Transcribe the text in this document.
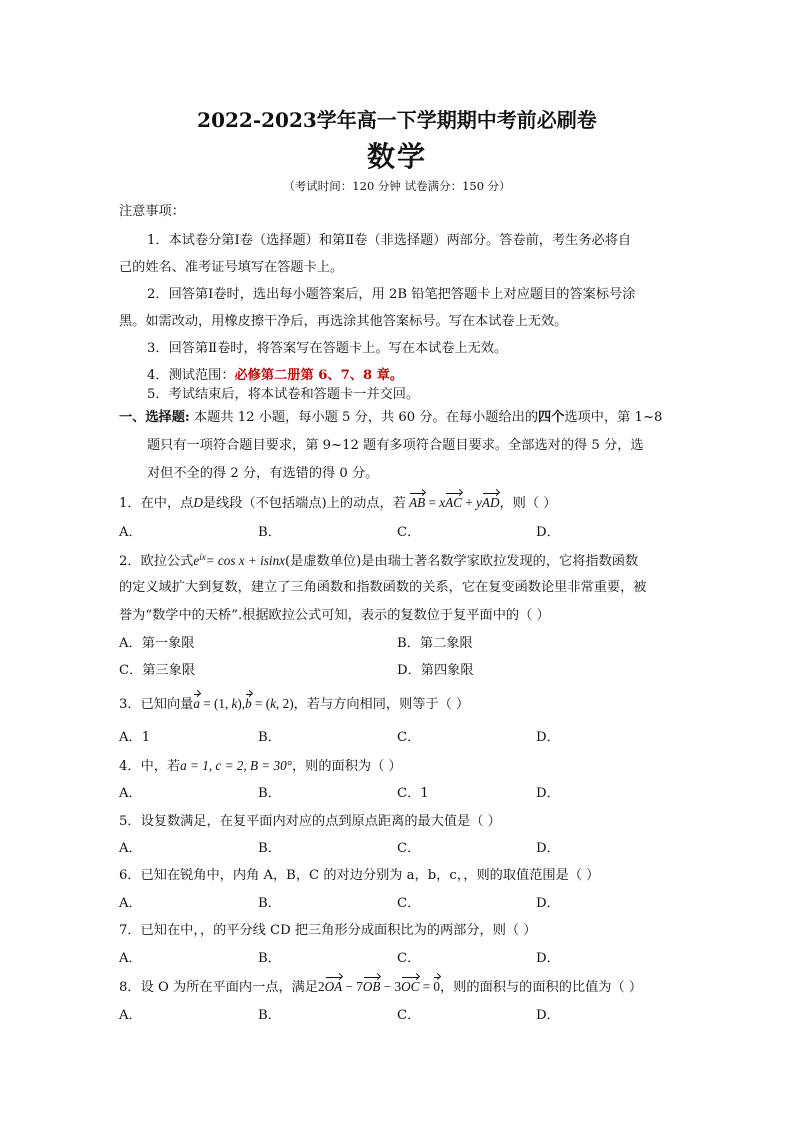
2022-2023学年高一下学期期中考前必刷卷
数学
（考试时间：120 分钟 试卷满分：150 分）
注意事项：
1．本试卷分第Ⅰ卷（选择题）和第Ⅱ卷（非选择题）两部分。答卷前，考生务必将自
己的姓名、准考证号填写在答题卡上。
2．回答第Ⅰ卷时，选出每小题答案后，用 2B 铅笔把答题卡上对应题目的答案标号涂
黑。如需改动，用橡皮擦干净后，再选涂其他答案标号。写在本试卷上无效。
3．回答第Ⅱ卷时，将答案写在答题卡上。写在本试卷上无效。
4．测试范围：必修第二册第 6、7、8 章。
5．考试结束后，将本试卷和答题卡一并交回。
一、选择题: 本题共 12 小题，每小题 5 分，共 60 分。在每小题给出的四个选项中，第 1~8
题只有一项符合题目要求，第 9~12 题有多项符合题目要求。全部选对的得 5 分，选
对但不全的得 2 分，有选错的得 0 分。
1．在中，点D是线段（不包括端点)上的动点，若 AB = xAC + yAD，则（ ）
A．	B．	C．	D．
2．欧拉公式$e^{ix}= \cos x + isinx$(是虚数单位)是由瑞士著名数学家欧拉发现的，它将指数函数
的定义域扩大到复数，建立了三角函数和指数函数的关系，它在复变函数论里非常重要，被
誉为“数学中的天桥”.根据欧拉公式可知，表示的复数位于复平面中的（ ）
A．第一象限	B．第二象限
C．第三象限	D．第四象限
3．已知向量a = (1, k),b = (k, 2)，若与方向相同，则等于（ ）
A．1	B．	C．	D．
4．中，若a = 1, c = 2, B = 30°，则的面积为（ ）
A．	B．	C．1	D．
5．设复数满足，在复平面内对应的点到原点距离的最大值是（ ）
A．	B．	C．	D．
6．已知在锐角中，内角 A，B，C 的对边分别为 a，b，c，，则的取值范围是（ ）
A．	B．	C．	D．
7．已知在中，，的平分线 CD 把三角形分成面积比为的两部分，则（ ）
A．	B．	C．	D．
8．设 O 为所在平面内一点，满足2OA − 7OB − 3OC = 0，则的面积与的面积的比值为（ ）
A．	B．	C．	D．
